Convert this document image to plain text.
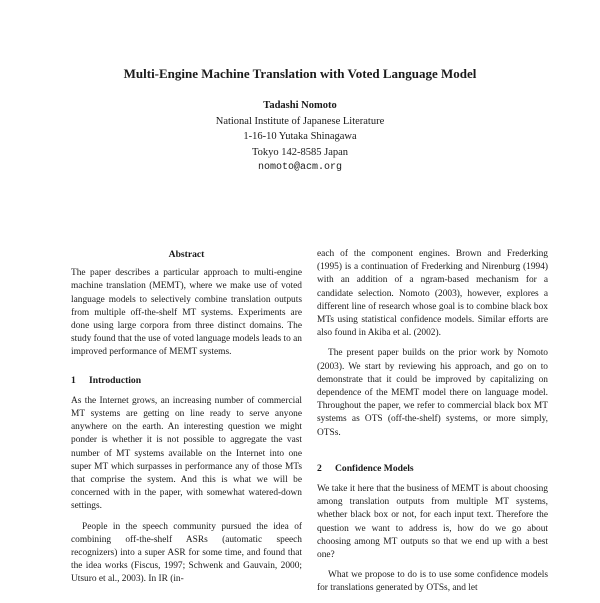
Multi-Engine Machine Translation with Voted Language Model
Tadashi Nomoto
National Institute of Japanese Literature
1-16-10 Yutaka Shinagawa
Tokyo 142-8585 Japan
nomoto@acm.org
Abstract

The paper describes a particular approach to multi-engine machine translation (MEMT), where we make use of voted language models to selectively combine translation outputs from multiple off-the-shelf MT systems. Experiments are done using large corpora from three distinct domains. The study found that the use of voted language models leads to an improved performance of MEMT systems.

1 Introduction

As the Internet grows, an increasing number of commercial MT systems are getting on line ready to serve anyone anywhere on the earth. An interesting question we might ponder is whether it is not possible to aggregate the vast number of MT systems available on the Internet into one super MT which surpasses in performance any of those MTs that comprise the system. And this is what we will be concerned with in the paper, with somewhat watered-down settings.

People in the speech community pursued the idea of combining off-the-shelf ASRs (automatic speech recognizers) into a super ASR for some time, and found that the idea works (Fiscus, 1997; Schwenk and Gauvain, 2000; Utsuro et al., 2003). In IR (in-

each of the component engines. Brown and Frederking (1995) is a continuation of Frederking and Nirenburg (1994) with an addition of a ngram-based mechanism for a candidate selection. Nomoto (2003), however, explores a different line of research whose goal is to combine black box MTs using statistical confidence models. Similar efforts are also found in Akiba et al. (2002).

The present paper builds on the prior work by Nomoto (2003). We start by reviewing his approach, and go on to demonstrate that it could be improved by capitalizing on dependence of the MEMT model there on language model. Throughout the paper, we refer to commercial black box MT systems as OTS (off-the-shelf) systems, or more simply, OTSs.

2 Confidence Models

We take it here that the business of MEMT is about choosing among translation outputs from multiple MT systems, whether black box or not, for each input text. Therefore the question we want to address is, how do we go about choosing among MT outputs so that we end up with a best one?

What we propose to do is to use some confidence models for translations generated by OTSs, and let
